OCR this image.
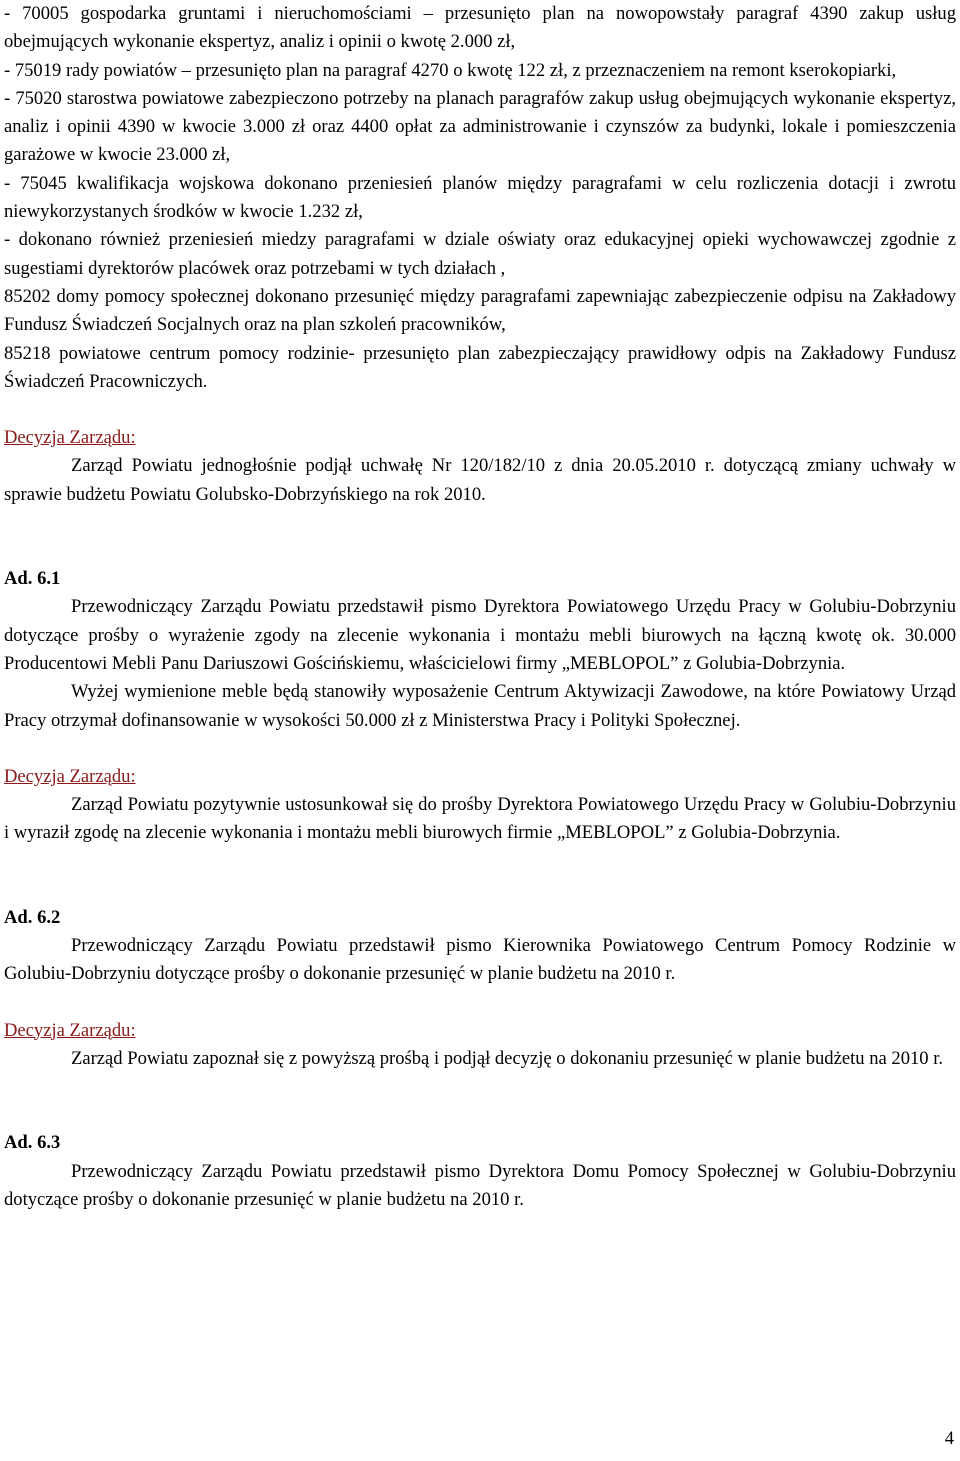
- 70005 gospodarka gruntami i nieruchomościami – przesunięto plan na nowopowstały paragraf 4390 zakup usług obejmujących wykonanie ekspertyz, analiz i opinii o kwotę 2.000 zł,

- 75019 rady powiatów – przesunięto plan na paragraf 4270 o kwotę 122 zł, z przeznaczeniem na remont kserokopiarki,

- 75020 starostwa powiatowe zabezpieczono potrzeby na planach paragrafów zakup usług obejmujących wykonanie ekspertyz, analiz i opinii 4390 w kwocie 3.000 zł oraz 4400 opłat za administrowanie i czynszów za budynki, lokale i pomieszczenia garażowe w kwocie 23.000 zł,

- 75045 kwalifikacja wojskowa dokonano przeniesień planów między paragrafami w celu rozliczenia dotacji i zwrotu niewykorzystanych środków w kwocie 1.232 zł,

- dokonano również przeniesień miedzy paragrafami w dziale oświaty oraz edukacyjnej opieki wychowawczej zgodnie z sugestiami dyrektorów placówek oraz potrzebami w tych działach ,

85202 domy pomocy społecznej dokonano przesunięć między paragrafami zapewniając zabezpieczenie odpisu na Zakładowy Fundusz Świadczeń Socjalnych oraz na plan szkoleń pracowników,

85218 powiatowe centrum pomocy rodzinie- przesunięto plan zabezpieczający prawidłowy odpis na Zakładowy Fundusz Świadczeń Pracowniczych.

Decyzja Zarządu:

Zarząd Powiatu jednogłośnie podjął uchwałę Nr 120/182/10 z dnia 20.05.2010 r. dotyczącą zmiany uchwały w sprawie budżetu Powiatu Golubsko-Dobrzyńskiego na rok 2010.

Ad. 6.1

Przewodniczący Zarządu Powiatu przedstawił pismo Dyrektora Powiatowego Urzędu Pracy w Golubiu-Dobrzyniu dotyczące prośby o wyrażenie zgody na zlecenie wykonania i montażu mebli biurowych na łączną kwotę ok. 30.000 Producentowi Mebli Panu Dariuszowi Gościńskiemu, właścicielowi firmy „MEBLOPOL” z Golubia-Dobrzynia.

Wyżej wymienione meble będą stanowiły wyposażenie Centrum Aktywizacji Zawodowe, na które Powiatowy Urząd Pracy otrzymał dofinansowanie w wysokości 50.000 zł z Ministerstwa Pracy i Polityki Społecznej.

Decyzja Zarządu:

Zarząd Powiatu pozytywnie ustosunkował się do prośby Dyrektora Powiatowego Urzędu Pracy w Golubiu-Dobrzyniu i wyraził zgodę na zlecenie wykonania i montażu mebli biurowych firmie „MEBLOPOL” z Golubia-Dobrzynia.

Ad. 6.2

Przewodniczący Zarządu Powiatu przedstawił pismo Kierownika Powiatowego Centrum Pomocy Rodzinie w Golubiu-Dobrzyniu dotyczące prośby o dokonanie przesunięć w planie budżetu na 2010 r.

Decyzja Zarządu:

Zarząd Powiatu zapoznał się z powyższą prośbą i podjął decyzję o dokonaniu przesunięć w planie budżetu na 2010 r.

Ad. 6.3

Przewodniczący Zarządu Powiatu przedstawił pismo Dyrektora Domu Pomocy Społecznej w Golubiu-Dobrzyniu dotyczące prośby o dokonanie przesunięć w planie budżetu na 2010 r.

4
